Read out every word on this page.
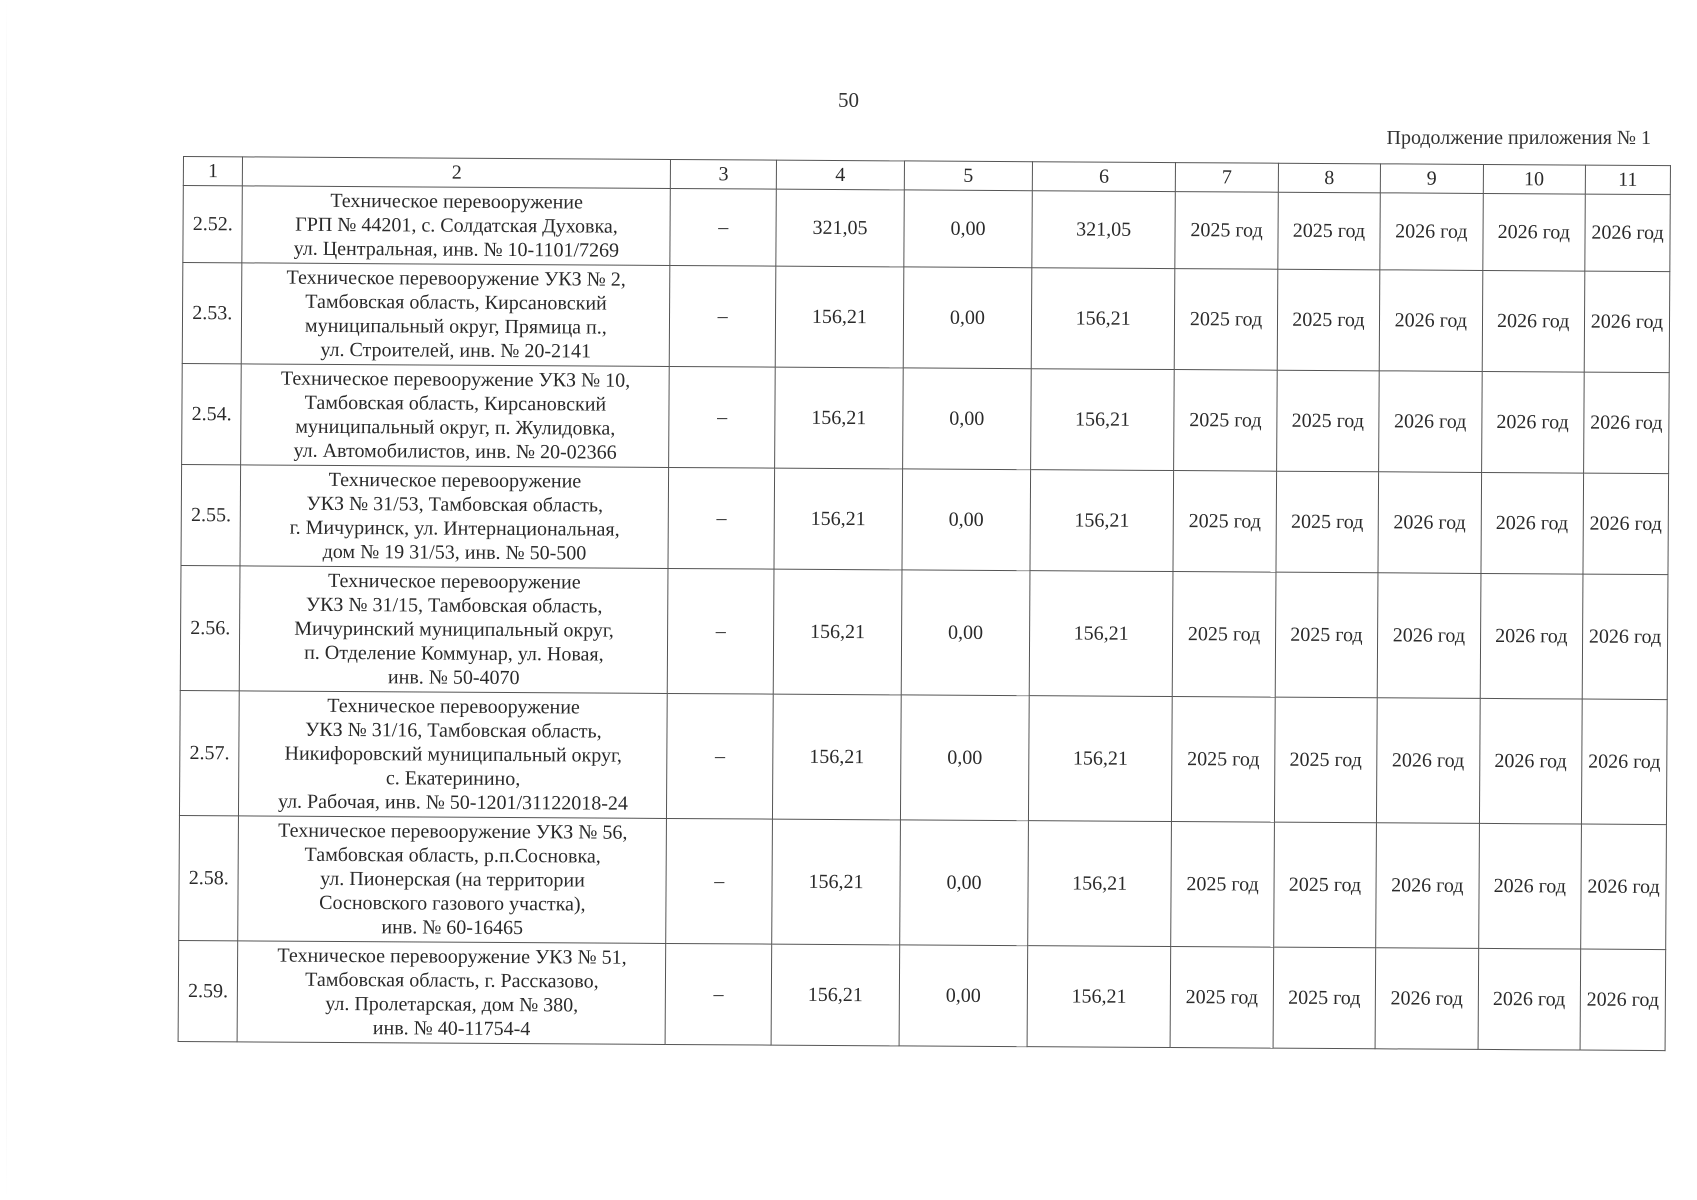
50
Продолжение приложения № 1
1	2	3	4	5	6	7	8	9	10	11
2.52.	Техническое перевооружение
ГРП № 44201, с. Солдатская Духовка,
ул. Центральная, инв. № 10-1101/7269	–	321,05	0,00	321,05	2025 год	2025 год	2026 год	2026 год	2026 год
2.53.	Техническое перевооружение УКЗ № 2,
Тамбовская область, Кирсановский
муниципальный округ, Прямица п.,
ул. Строителей, инв. № 20-2141	–	156,21	0,00	156,21	2025 год	2025 год	2026 год	2026 год	2026 год
2.54.	Техническое перевооружение УКЗ № 10,
Тамбовская область, Кирсановский
муниципальный округ, п. Жулидовка,
ул. Автомобилистов, инв. № 20-02366	–	156,21	0,00	156,21	2025 год	2025 год	2026 год	2026 год	2026 год
2.55.	Техническое перевооружение
УКЗ № 31/53, Тамбовская область,
г. Мичуринск, ул. Интернациональная,
дом № 19 31/53, инв. № 50-500	–	156,21	0,00	156,21	2025 год	2025 год	2026 год	2026 год	2026 год
2.56.	Техническое перевооружение
УКЗ № 31/15, Тамбовская область,
Мичуринский муниципальный округ,
п. Отделение Коммунар, ул. Новая,
инв. № 50-4070	–	156,21	0,00	156,21	2025 год	2025 год	2026 год	2026 год	2026 год
2.57.	Техническое перевооружение
УКЗ № 31/16, Тамбовская область,
Никифоровский муниципальный округ,
с. Екатеринино,
ул. Рабочая, инв. № 50-1201/31122018-24	–	156,21	0,00	156,21	2025 год	2025 год	2026 год	2026 год	2026 год
2.58.	Техническое перевооружение УКЗ № 56,
Тамбовская область, р.п.Сосновка,
ул. Пионерская (на территории
Сосновского газового участка),
инв. № 60-16465	–	156,21	0,00	156,21	2025 год	2025 год	2026 год	2026 год	2026 год
2.59.	Техническое перевооружение УКЗ № 51,
Тамбовская область, г. Рассказово,
ул. Пролетарская, дом № 380,
инв. № 40-11754-4	–	156,21	0,00	156,21	2025 год	2025 год	2026 год	2026 год	2026 год
